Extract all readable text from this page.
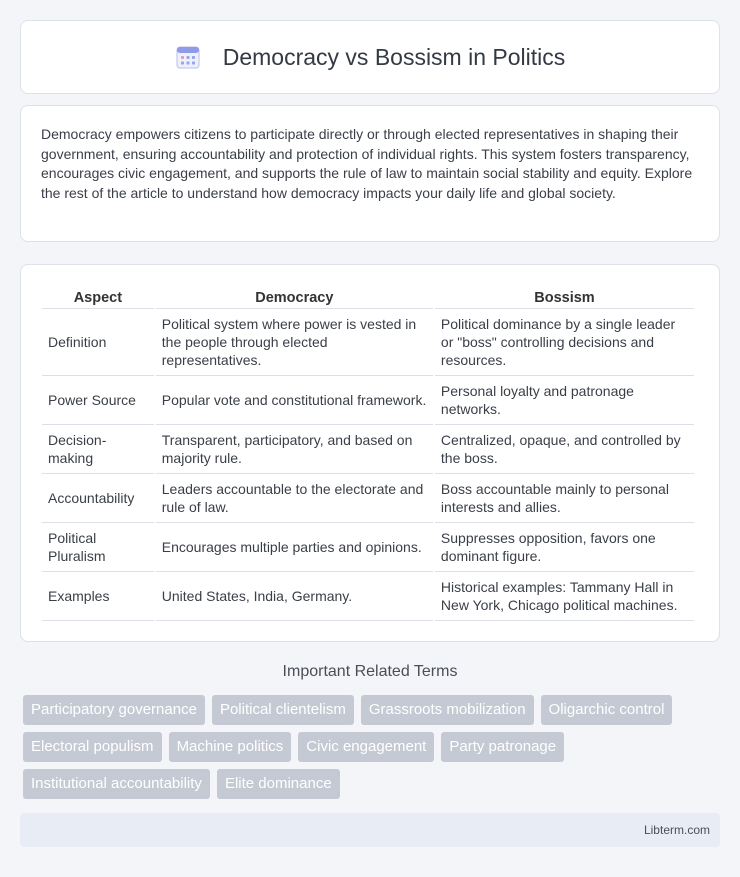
Democracy vs Bossism in Politics

Democracy empowers citizens to participate directly or through elected representatives in shaping their government, ensuring accountability and protection of individual rights. This system fosters transparency, encourages civic engagement, and supports the rule of law to maintain social stability and equity. Explore the rest of the article to understand how democracy impacts your daily life and global society.

Aspect	Democracy	Bossism
Definition	Political system where power is vested in the people through elected representatives.	Political dominance by a single leader or "boss" controlling decisions and resources.
Power Source	Popular vote and constitutional framework.	Personal loyalty and patronage networks.
Decision-making	Transparent, participatory, and based on majority rule.	Centralized, opaque, and controlled by the boss.
Accountability	Leaders accountable to the electorate and rule of law.	Boss accountable mainly to personal interests and allies.
Political Pluralism	Encourages multiple parties and opinions.	Suppresses opposition, favors one dominant figure.
Examples	United States, India, Germany.	Historical examples: Tammany Hall in New York, Chicago political machines.
Important Related Terms
Participatory governance	Political clientelism	Grassroots mobilization	Oligarchic control
Electoral populism	Machine politics	Civic engagement	Party patronage
Institutional accountability	Elite dominance
Libterm.com
